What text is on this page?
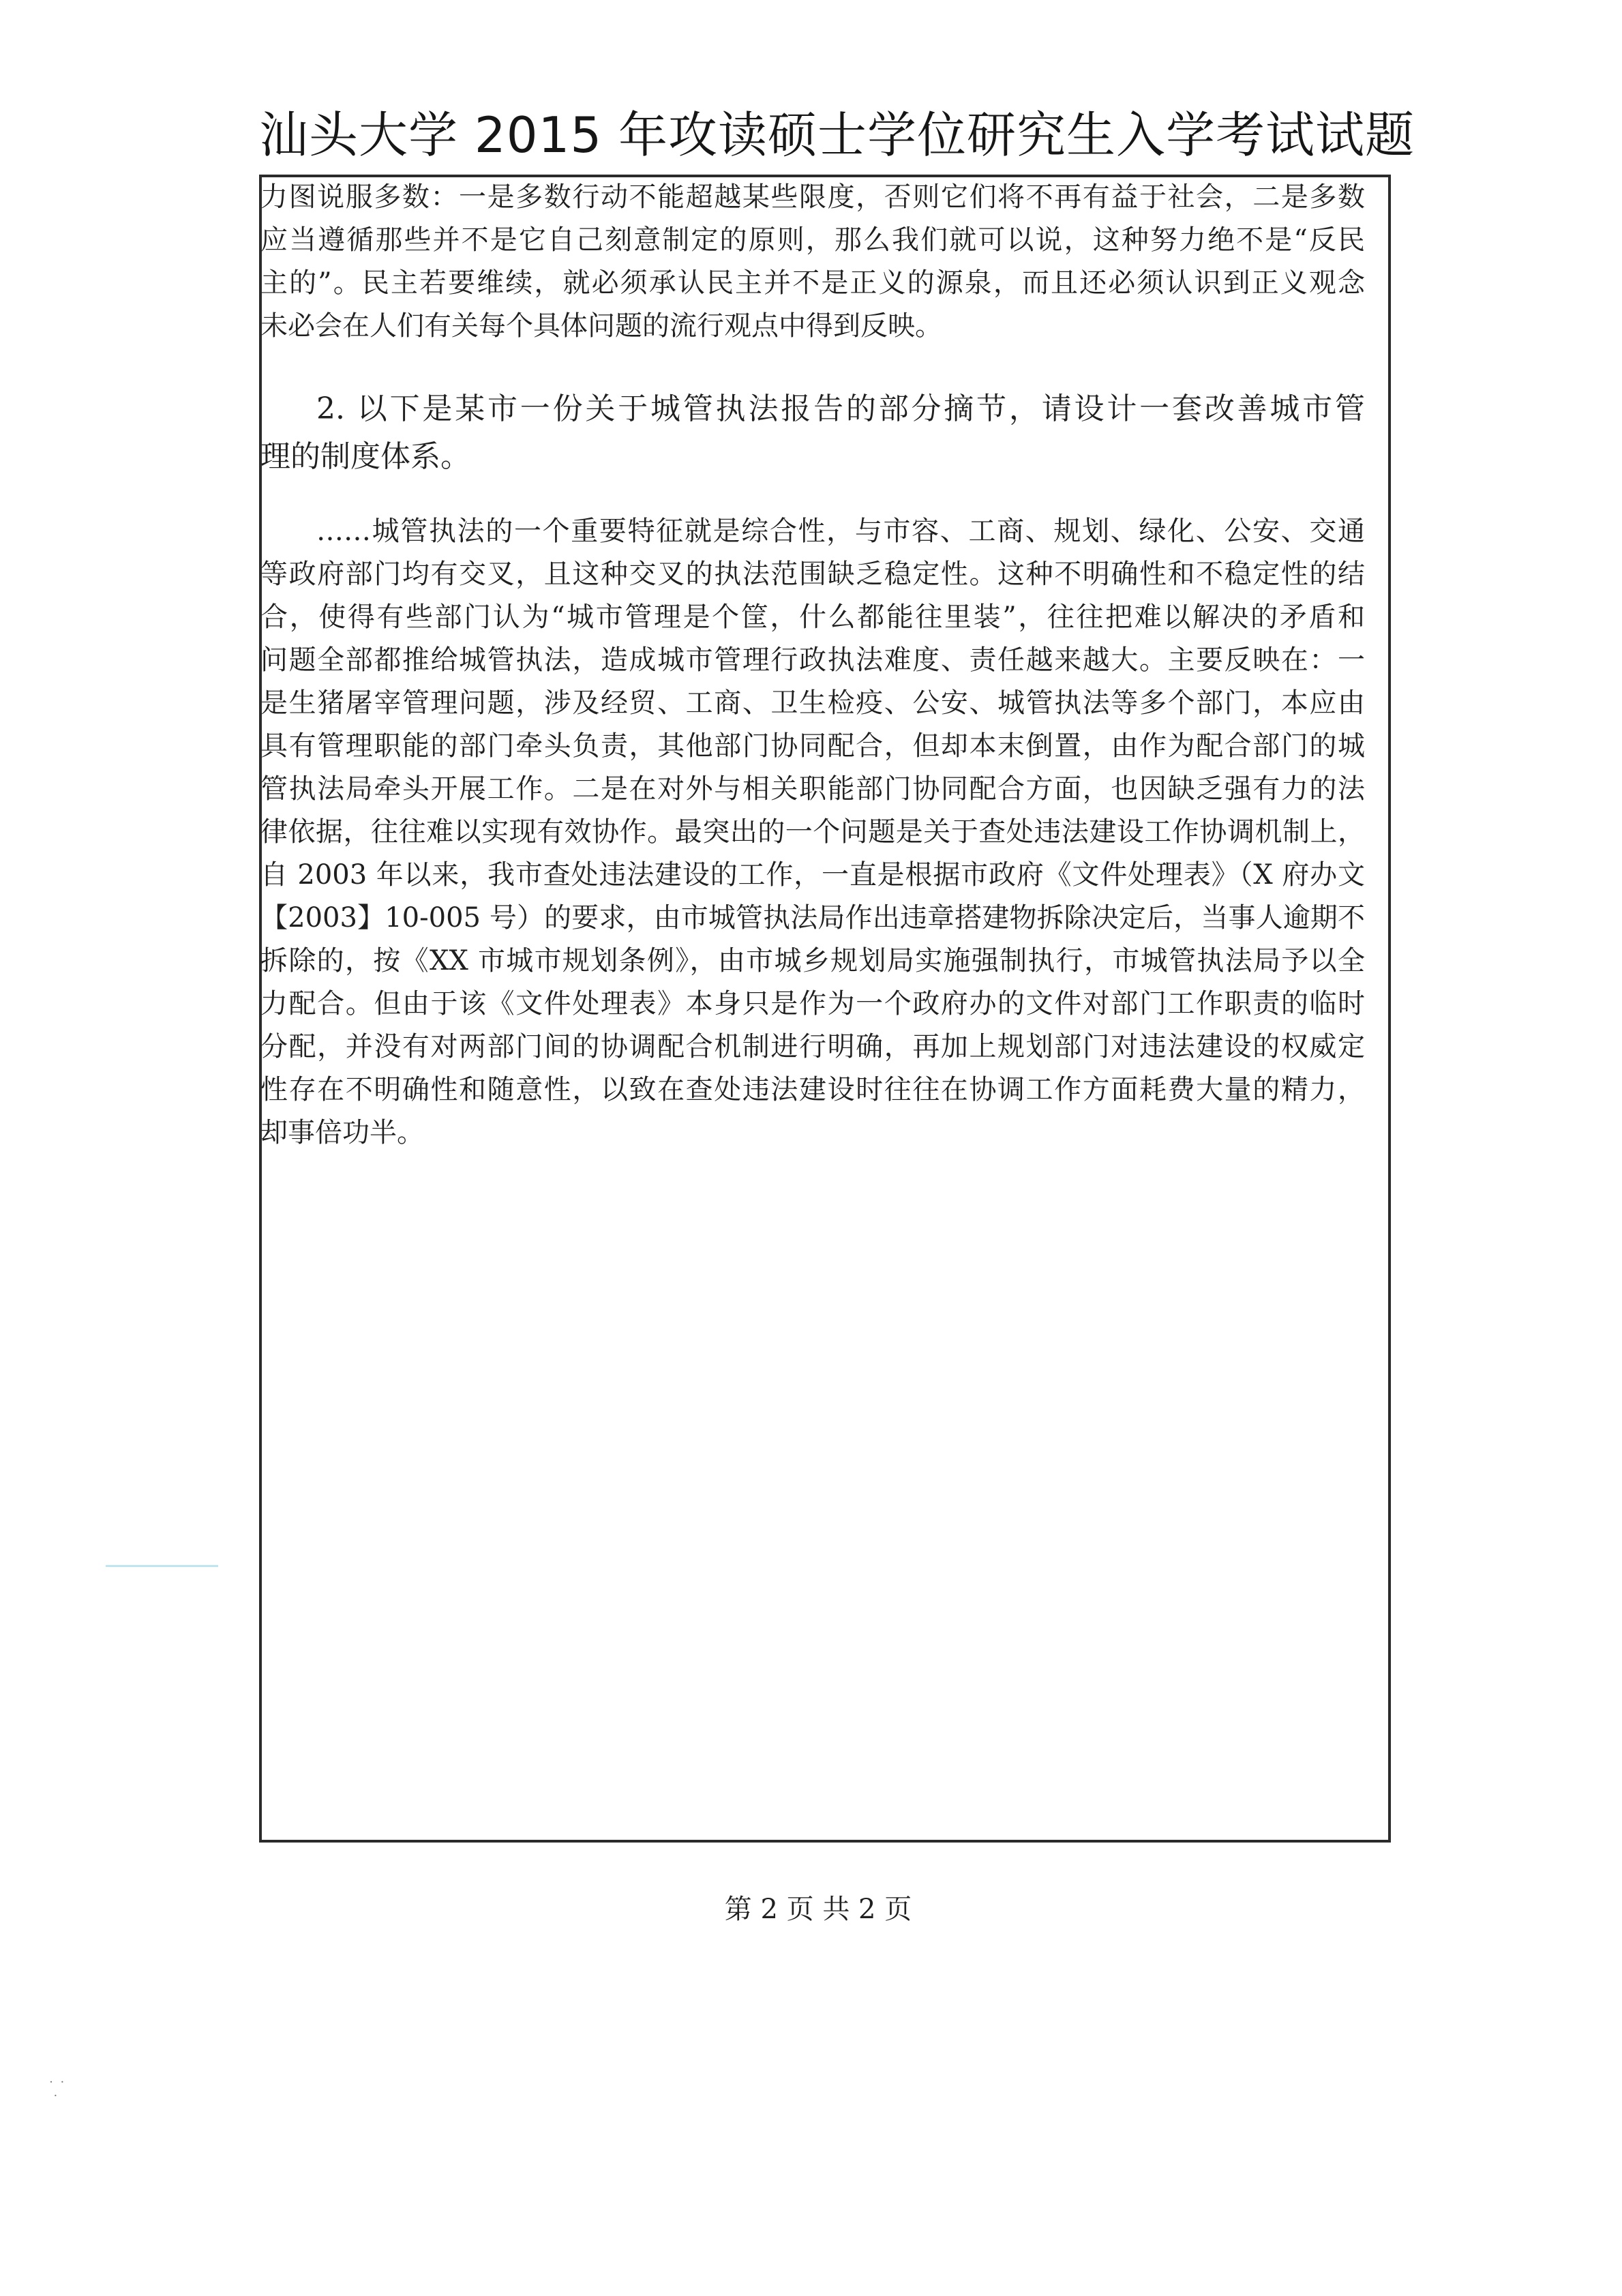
汕头大学 2015 年攻读硕士学位研究生入学考试试题
力图说服多数：一是多数行动不能超越某些限度，否则它们将不再有益于社会，二是多数
应当遵循那些并不是它自己刻意制定的原则，那么我们就可以说，这种努力绝不是“反民
主的”。民主若要维续，就必须承认民主并不是正义的源泉，而且还必须认识到正义观念
未必会在人们有关每个具体问题的流行观点中得到反映。
2. 以下是某市一份关于城管执法报告的部分摘节，请设计一套改善城市管
理的制度体系。
……城管执法的一个重要特征就是综合性，与市容、工商、规划、绿化、公安、交通
等政府部门均有交叉，且这种交叉的执法范围缺乏稳定性。这种不明确性和不稳定性的结
合，使得有些部门认为“城市管理是个筐，什么都能往里装”，往往把难以解决的矛盾和
问题全部都推给城管执法，造成城市管理行政执法难度、责任越来越大。主要反映在：一
是生猪屠宰管理问题，涉及经贸、工商、卫生检疫、公安、城管执法等多个部门，本应由
具有管理职能的部门牵头负责，其他部门协同配合，但却本末倒置，由作为配合部门的城
管执法局牵头开展工作。二是在对外与相关职能部门协同配合方面，也因缺乏强有力的法
律依据，往往难以实现有效协作。最突出的一个问题是关于查处违法建设工作协调机制上，
自 2003 年以来，我市查处违法建设的工作，一直是根据市政府《文件处理表》（X 府办文
【2003】10-005 号）的要求，由市城管执法局作出违章搭建物拆除决定后，当事人逾期不
拆除的，按《XX 市城市规划条例》，由市城乡规划局实施强制执行，市城管执法局予以全
力配合。但由于该《文件处理表》本身只是作为一个政府办的文件对部门工作职责的临时
分配，并没有对两部门间的协调配合机制进行明确，再加上规划部门对违法建设的权威定
性存在不明确性和随意性，以致在查处违法建设时往往在协调工作方面耗费大量的精力，
却事倍功半。
第 2 页 共 2 页
˙ ˙
˙
